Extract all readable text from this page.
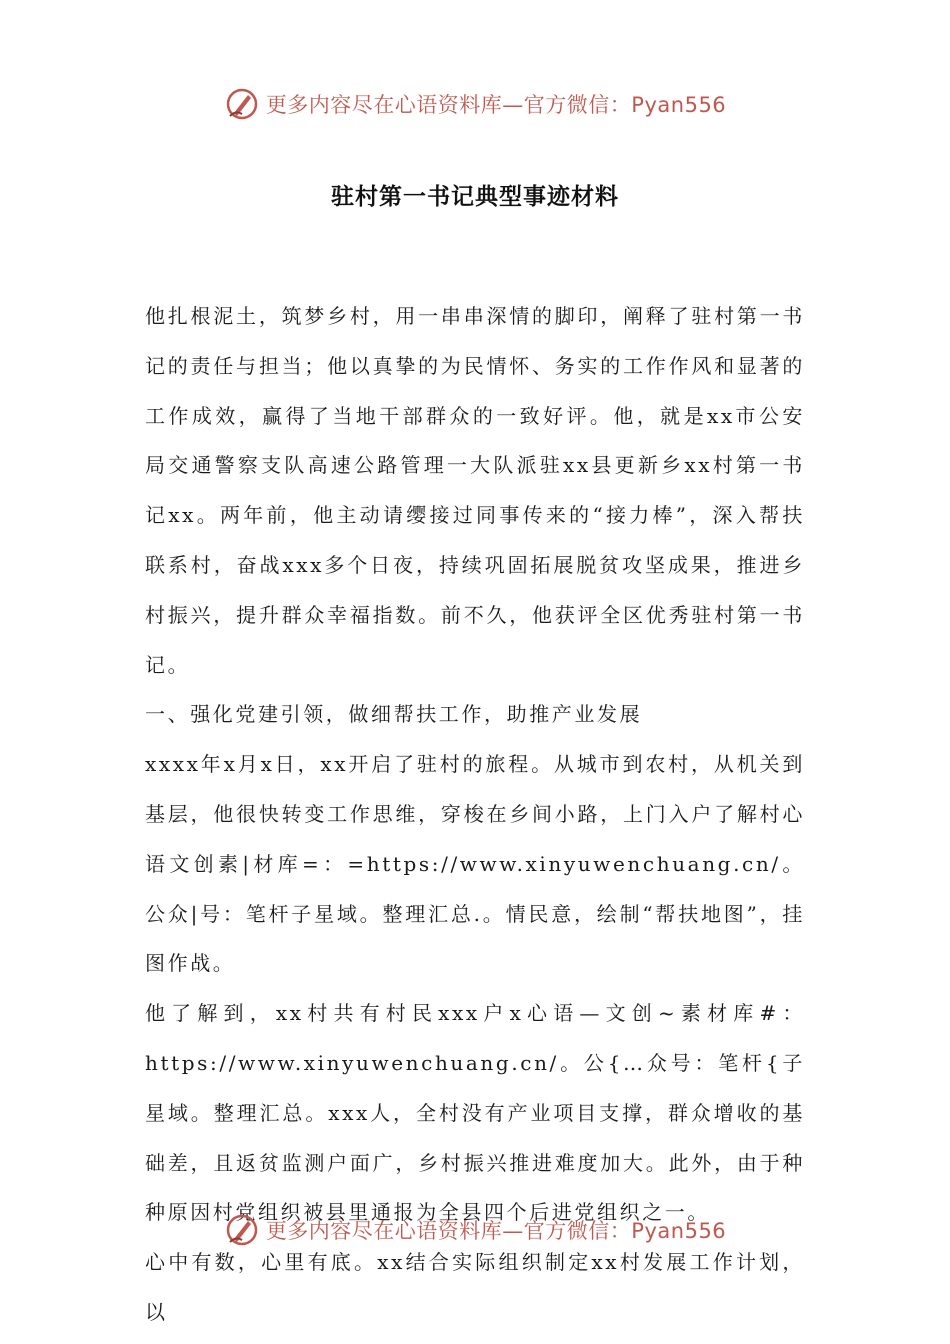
更多内容尽在心语资料库—官方微信：Pyan556
驻村第一书记典型事迹材料

他扎根泥土，筑梦乡村，用一串串深情的脚印，阐释了驻村第一书记的责任与担当；他以真挚的为民情怀、务实的工作作风和显著的工作成效，赢得了当地干部群众的一致好评。他，就是xx市公安局交通警察支队高速公路管理一大队派驻xx县更新乡xx村第一书记xx。两年前，他主动请缨接过同事传来的“接力棒”，深入帮扶联系村，奋战xxx多个日夜，持续巩固拓展脱贫攻坚成果，推进乡村振兴，提升群众幸福指数。前不久，他获评全区优秀驻村第一书记。

一、强化党建引领，做细帮扶工作，助推产业发展

xxxx年x月x日，xx开启了驻村的旅程。从城市到农村，从机关到基层，他很快转变工作思维，穿梭在乡间小路，上门入户了解村心语文创素|材库=：=https://www.xinyuwenchuang.cn/。公众|号：笔杆子星域。整理汇总.。情民意，绘制“帮扶地图”，挂图作战。

他了解到，xx村共有村民xxx户x心语—文创~素材库#：https://www.xinyuwenchuang.cn/。公{…众号：笔杆{子星域。整理汇总。xxx人，全村没有产业项目支撑，群众增收的基础差，且返贫监测户面广，乡村振兴推进难度加大。此外，由于种种原因村党组织被县里通报为全县四个后进党组织之一。

心中有数，心里有底。xx结合实际组织制定xx村发展工作计划，以

更多内容尽在心语资料库—官方微信：Pyan556
